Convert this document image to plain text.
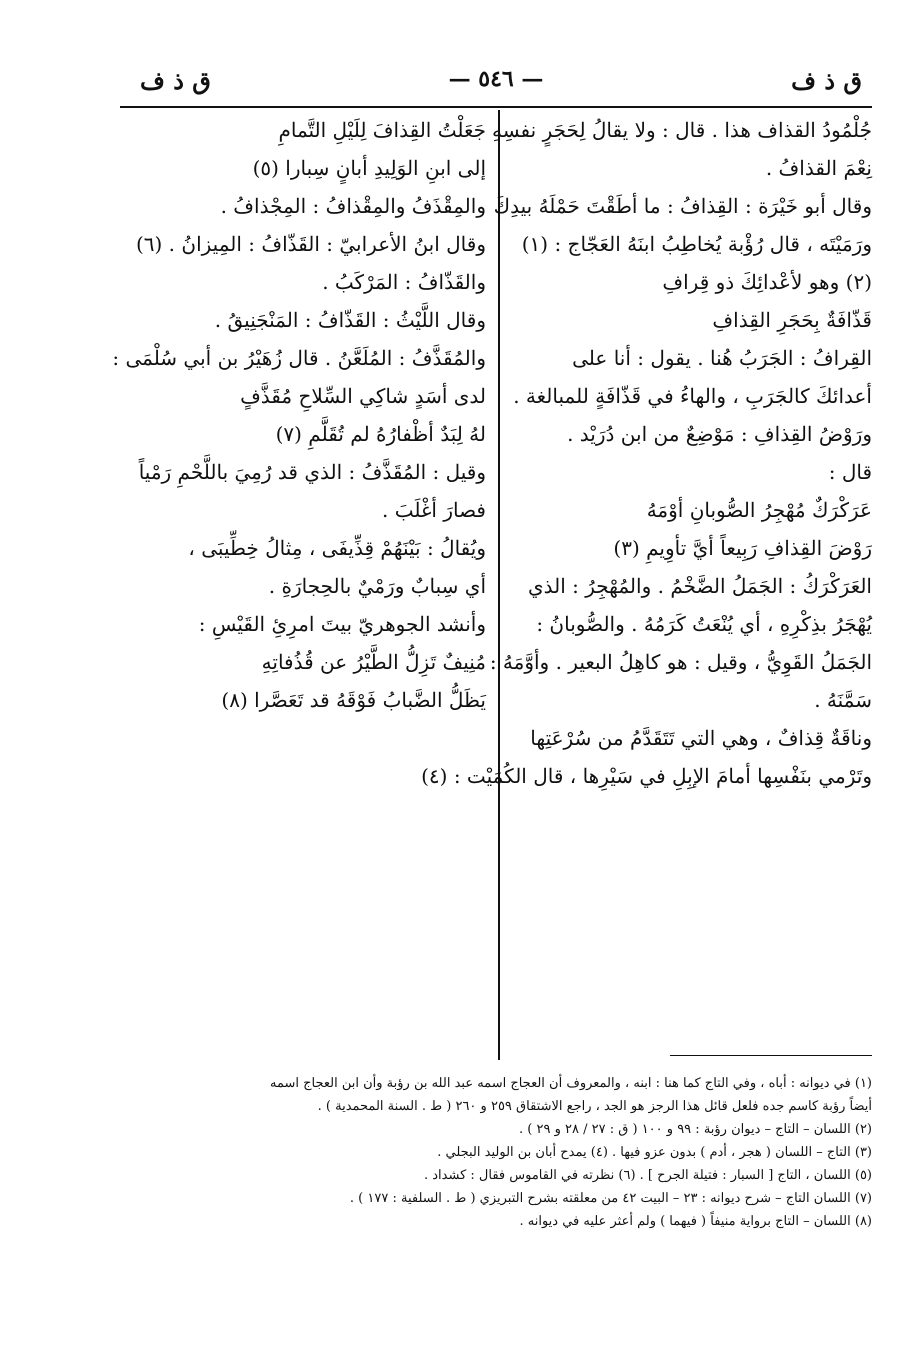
ق ذ ف
— ٥٤٦ —
ق ذ ف
جُلْمُودُ القذاف هذا . قال : ولا يقالُ لِحَجَرٍ نفسِهِ
نِعْمَ القذافُ .
وقال أبو خَيْرَة : القِذافُ : ما أطَقْتَ حَمْلَهُ بيدِكَ
ورَمَيْتَه ، قال رُؤْبة يُخاطِبُ ابنَهُ العَجّاج : (١)
(٢) وهو لأعْدائِكَ ذو قِرافِ
قَذّافَةٌ بِحَجَرِ القِذافِ
القِرافُ : الجَرَبُ هُنا . يقول : أنا على
أعدائكَ كالجَرَبِ ، والهاءُ في قَذّافَةٍ للمبالغة .
ورَوْضُ القِذافِ : مَوْضِعٌ من ابن دُرَيْد .
قال :
عَرَكْرَكٌ مُهْجِرُ الصُّوبانِ أوْمَهُ
رَوْضَ القِذافِ رَبِيعاً أيَّ تأوِيمِ (٣)
العَرَكْرَكُ : الجَمَلُ الضَّخْمُ . والمُهْجِرُ : الذي
يُهْجَرُ بذِكْرِهِ ، أي يُنْعَتُ كَرَمُهُ . والصُّوبانُ :
الجَمَلُ القَوِيُّ ، وقيل : هو كاهِلُ البعير . وأوَّمَهُ :
سَمَّنَهُ .
وناقَةٌ قِذافٌ ، وهي التي تَتَقَدَّمُ من سُرْعَتِها
وتَرْمي بنَفْسِها أمامَ الإبِلِ في سَيْرِها ، قال الكُمَيْت : (٤)
جَعَلْتُ القِذافَ لِلَيْلِ التَّمامِ
إلى ابنِ الوَلِيدِ أبانٍ سِبارا (٥)
والمِقْذَفُ والمِقْذافُ : المِجْذافُ .
وقال ابنُ الأعرابيّ : القَذّافُ : المِيزانُ . (٦)
والقَذّافُ : المَرْكَبُ .
وقال اللَّيْثُ : القَذّافُ : المَنْجَنِيقُ .
والمُقَذَّفُ : المُلَعَّنُ . قال زُهَيْرُ بن أبي سُلْمَى :
لدى أسَدٍ شاكِي السِّلاحِ مُقَذَّفٍ
لهُ لِبَدٌ أظْفارُهُ لم تُقَلَّمِ (٧)
وقيل : المُقَذَّفُ : الذي قد رُمِيَ باللَّحْمِ رَمْياً
فصارَ أغْلَبَ .
ويُقالُ : بَيْنَهُمْ قِذِّيفَى ، مِثالُ خِطِّيبَى ،
أي سِبابٌ ورَمْيٌ بالحِجارَةِ .
وأنشد الجوهريّ بيتَ امرِئِ القَيْسِ :
مُنِيفٌ تَزِلُّ الطَّيْرُ عن قُذُفاتِهِ
يَظَلُّ الضَّبابُ فَوْقَهُ قد تَعَصَّرا (٨)
(١) في ديوانه : أباه ، وفي التاج كما هنا : ابنه ، والمعروف أن العجاج اسمه عبد الله بن رؤبة وأن ابن العجاج اسمه
أيضاً رؤبة كاسم جده فلعل قائل هذا الرجز هو الجد ، راجع الاشتقاق ٢٥٩ و ٢٦٠ ( ط . السنة المحمدية ) .
(٢) اللسان – التاج – ديوان رؤبة : ٩٩ و ١٠٠ ( ق : ٢٧ / ٢٨ و ٢٩ ) .
(٣) التاج – اللسان ( هجر ، أدم ) بدون عزو فيها . (٤) يمدح أبان بن الوليد البجلي .
(٥) اللسان ، التاج [ السبار : فتيلة الجرح ] . (٦) نظرته في القاموس فقال : كشداد .
(٧) اللسان التاج – شرح ديوانه : ٢٣ – البيت ٤٢ من معلقته بشرح التبريزي ( ط . السلفية : ١٧٧ ) .
(٨) اللسان – التاج برواية منيفاً ( فيهما ) ولم أعثر عليه في ديوانه .
